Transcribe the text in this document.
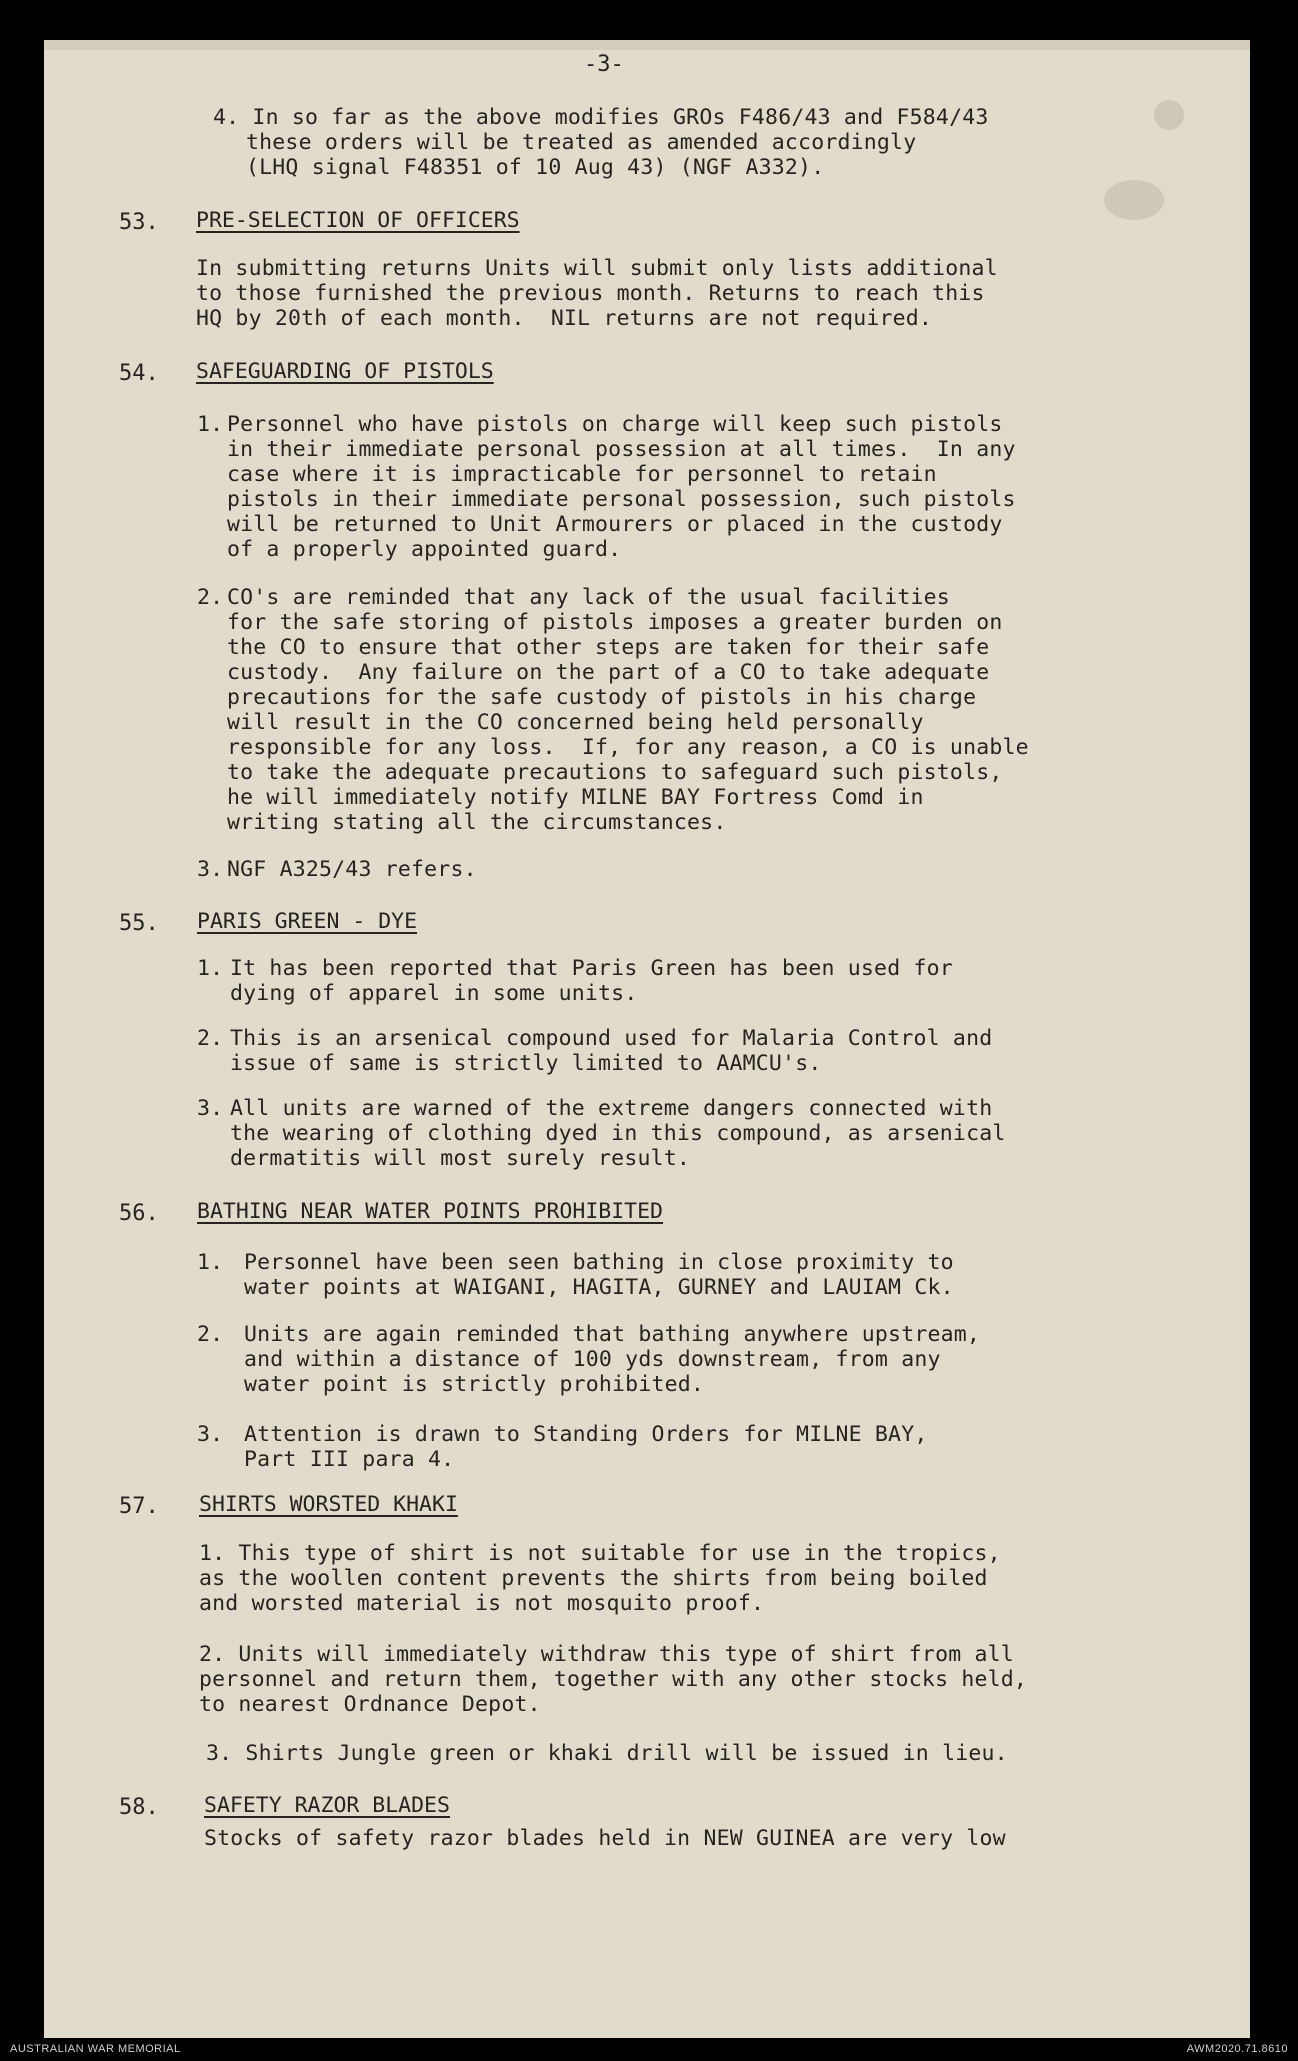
-3-

4. In so far as the above modifies GROs F486/43 and F584/43

these orders will be treated as amended accordingly

(LHQ signal F48351 of 10 Aug 43) (NGF A332).

53. PRE-SELECTION OF OFFICERS

In submitting returns Units will submit only lists additional

to those furnished the previous month. Returns to reach this

HQ by 20th of each month.  NIL returns are not required.

54. SAFEGUARDING OF PISTOLS

1. Personnel who have pistols on charge will keep such pistols

in their immediate personal possession at all times.  In any

case where it is impracticable for personnel to retain

pistols in their immediate personal possession, such pistols

will be returned to Unit Armourers or placed in the custody

of a properly appointed guard.

2. CO's are reminded that any lack of the usual facilities

for the safe storing of pistols imposes a greater burden on

the CO to ensure that other steps are taken for their safe

custody.  Any failure on the part of a CO to take adequate

precautions for the safe custody of pistols in his charge

will result in the CO concerned being held personally

responsible for any loss.  If, for any reason, a CO is unable

to take the adequate precautions to safeguard such pistols,

he will immediately notify MILNE BAY Fortress Comd in

writing stating all the circumstances.

3. NGF A325/43 refers.

55. PARIS GREEN - DYE

1. It has been reported that Paris Green has been used for

dying of apparel in some units.

2. This is an arsenical compound used for Malaria Control and

issue of same is strictly limited to AAMCU's.

3. All units are warned of the extreme dangers connected with

the wearing of clothing dyed in this compound, as arsenical

dermatitis will most surely result.

56. BATHING NEAR WATER POINTS PROHIBITED

1. Personnel have been seen bathing in close proximity to

water points at WAIGANI, HAGITA, GURNEY and LAUIAM Ck.

2. Units are again reminded that bathing anywhere upstream,

and within a distance of 100 yds downstream, from any

water point is strictly prohibited.

3. Attention is drawn to Standing Orders for MILNE BAY,

Part III para 4.

57. SHIRTS WORSTED KHAKI

1. This type of shirt is not suitable for use in the tropics,

as the woollen content prevents the shirts from being boiled

and worsted material is not mosquito proof.

2. Units will immediately withdraw this type of shirt from all

personnel and return them, together with any other stocks held,

to nearest Ordnance Depot.

3. Shirts Jungle green or khaki drill will be issued in lieu.

58. SAFETY RAZOR BLADES

Stocks of safety razor blades held in NEW GUINEA are very low

AUSTRALIAN WAR MEMORIAL	AWM2020.71.8610
